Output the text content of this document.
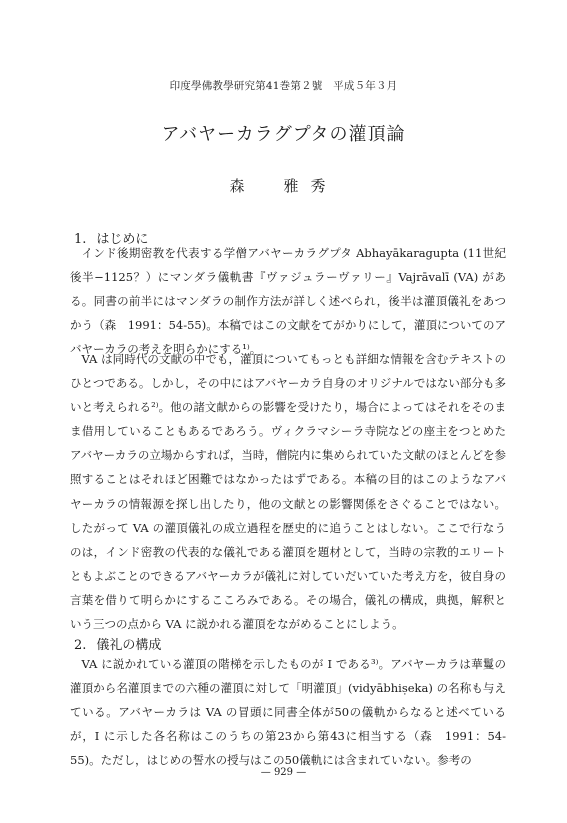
印度學佛教學研究第41巻第２號　平成５年３月
アバヤーカラグプタの灌頂論
森　雅秀
1. はじめに

インド後期密教を代表する学僧アバヤーカラグプタ Abhayākaragupta (11世紀後半−1125？）にマンダラ儀軌書『ヴァジュラーヴァリー』Vajrāvalī (VA) がある。同書の前半にはマンダラの制作方法が詳しく述べられ，後半は灌頂儀礼をあつかう（森　1991：54-55)。本稿ではこの文献をてがかりにして，灌頂についてのアバヤーカラの考えを明らかにする¹⁾。

VA は同時代の文献の中でも，灌頂についてもっとも詳細な情報を含むテキストのひとつである。しかし，その中にはアバヤーカラ自身のオリジナルではない部分も多いと考えられる²⁾。他の諸文献からの影響を受けたり，場合によってはそれをそのまま借用していることもあるであろう。ヴィクラマシーラ寺院などの座主をつとめたアバヤーカラの立場からすれば，当時，僧院内に集められていた文献のほとんどを参照することはそれほど困難ではなかったはずである。本稿の目的はこのようなアバヤーカラの情報源を探し出したり，他の文献との影響関係をさぐることではない。したがって VA の灌頂儀礼の成立過程を歴史的に追うことはしない。ここで行なうのは，インド密教の代表的な儀礼である灌頂を題材として，当時の宗教的エリートともよぶことのできるアバヤーカラが儀礼に対していだいていた考え方を，彼自身の言葉を借りて明らかにするこころみである。その場合，儀礼の構成，典拠，解釈という三つの点から VA に説かれる灌頂をながめることにしよう。

2. 儀礼の構成

VA に説かれている灌頂の階梯を示したものが I である³⁾。アバヤーカラは華鬘の灌頂から名灌頂までの六種の灌頂に対して「明灌頂」(vidyābhiṣeka) の名称も与えている。アバヤーカラは VA の冒頭に同書全体が50の儀軌からなると述べているが，I に示した各名称はこのうちの第23から第43に相当する（森　1991：54-55)。ただし，はじめの誓水の授与はこの50儀軌には含まれていない。参考の

— 929 —
